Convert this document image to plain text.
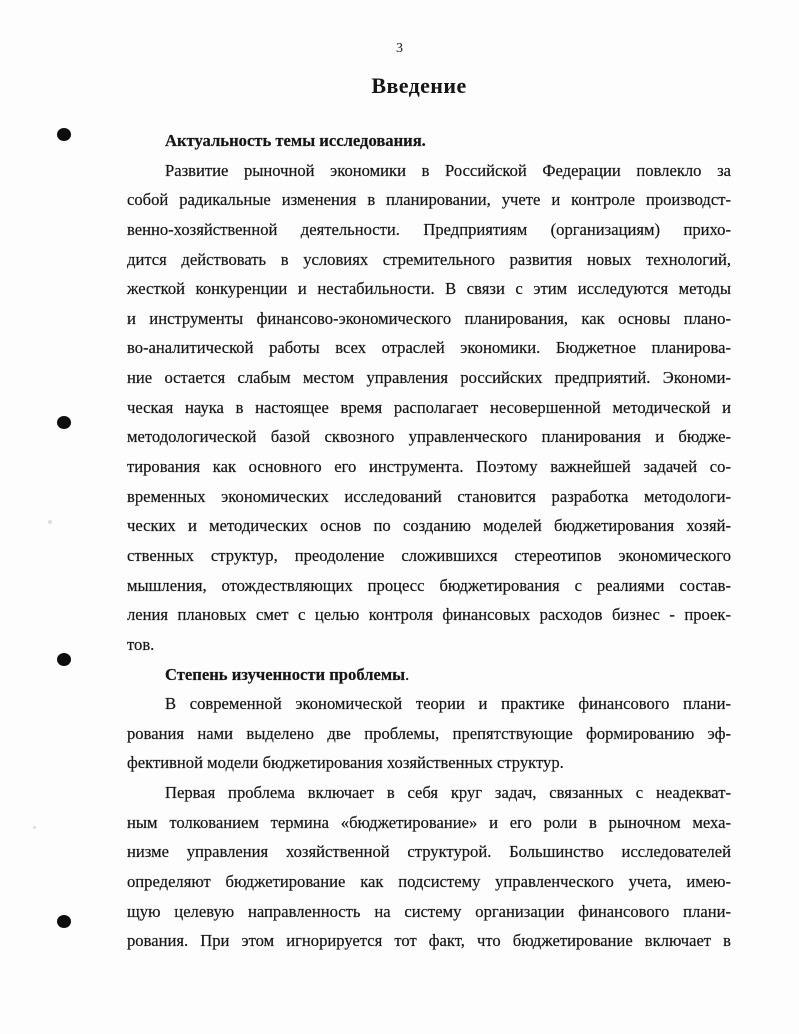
3
Введение
Актуальность темы исследования.
Развитие рыночной экономики в Российской Федерации повлекло за
собой радикальные изменения в планировании, учете и контроле производст-
венно-хозяйственной деятельности. Предприятиям (организациям) прихо-
дится действовать в условиях стремительного развития новых технологий,
жесткой конкуренции и нестабильности. В связи с этим исследуются методы
и инструменты финансово-экономического планирования, как основы плано-
во-аналитической работы всех отраслей экономики. Бюджетное планирова-
ние остается слабым местом управления российских предприятий. Экономи-
ческая наука в настоящее время располагает несовершенной методической и
методологической базой сквозного управленческого планирования и бюдже-
тирования как основного его инструмента. Поэтому важнейшей задачей со-
временных экономических исследований становится разработка методологи-
ческих и методических основ по созданию моделей бюджетирования хозяй-
ственных структур, преодоление сложившихся стереотипов экономического
мышления, отождествляющих процесс бюджетирования с реалиями состав-
ления плановых смет с целью контроля финансовых расходов бизнес - проек-
тов.
Степень изученности проблемы.
В современной экономической теории и практике финансового плани-
рования нами выделено две проблемы, препятствующие формированию эф-
фективной модели бюджетирования хозяйственных структур.
Первая проблема включает в себя круг задач, связанных с неадекват-
ным толкованием термина «бюджетирование» и его роли в рыночном меха-
низме управления хозяйственной структурой. Большинство исследователей
определяют бюджетирование как подсистему управленческого учета, имею-
щую целевую направленность на систему организации финансового плани-
рования. При этом игнорируется тот факт, что бюджетирование включает в
